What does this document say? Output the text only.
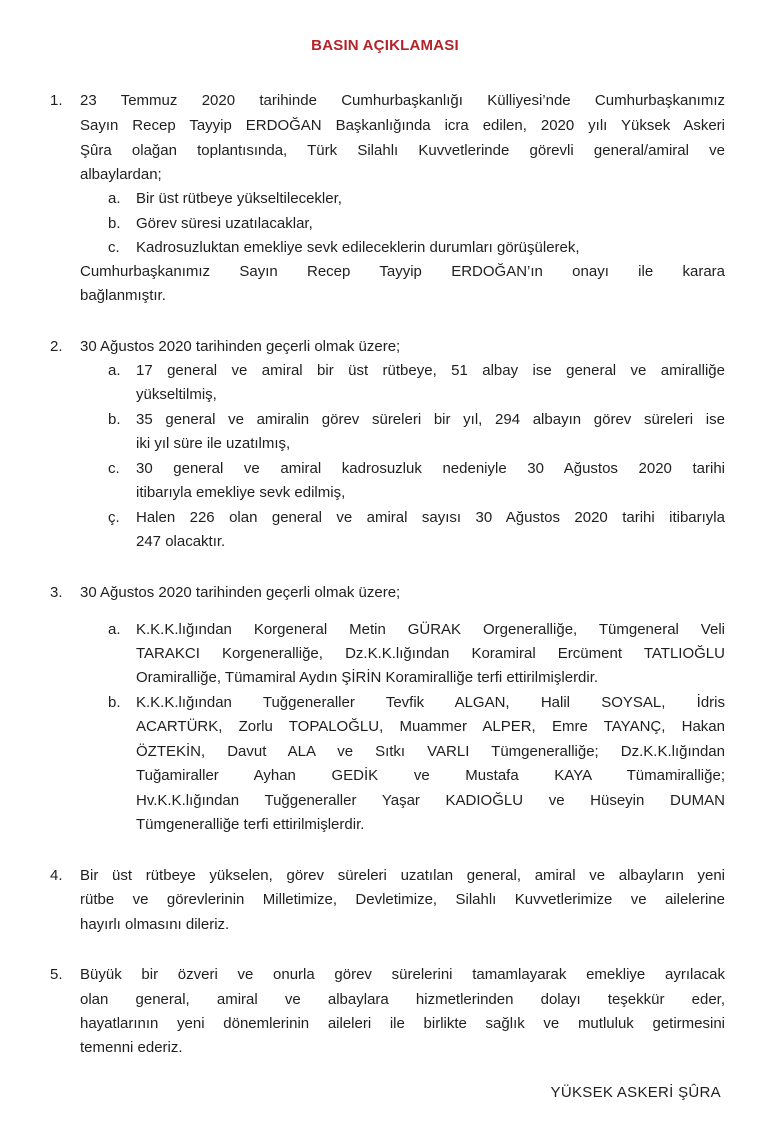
BASIN AÇIKLAMASI
1. 23 Temmuz 2020 tarihinde Cumhurbaşkanlığı Külliyesi’nde Cumhurbaşkanımız
Sayın Recep Tayyip ERDOĞAN Başkanlığında icra edilen, 2020 yılı Yüksek Askeri
Şûra olağan toplantısında, Türk Silahlı Kuvvetlerinde görevli general/amiral ve
albaylardan;
a. Bir üst rütbeye yükseltilecekler,
b. Görev süresi uzatılacaklar,
c. Kadrosuzluktan emekliye sevk edileceklerin durumları görüşülerek,
Cumhurbaşkanımız Sayın Recep Tayyip ERDOĞAN’ın onayı ile karara
bağlanmıştır.
2. 30 Ağustos 2020 tarihinden geçerli olmak üzere;
a. 17 general ve amiral bir üst rütbeye, 51 albay ise general ve amiralliğe
yükseltilmiş,
b. 35 general ve amiralin görev süreleri bir yıl, 294 albayın görev süreleri ise
iki yıl süre ile uzatılmış,
c. 30 general ve amiral kadrosuzluk nedeniyle 30 Ağustos 2020 tarihi
itibarıyla emekliye sevk edilmiş,
ç. Halen 226 olan general ve amiral sayısı 30 Ağustos 2020 tarihi itibarıyla
247 olacaktır.
3. 30 Ağustos 2020 tarihinden geçerli olmak üzere;
a. K.K.K.lığından Korgeneral Metin GÜRAK Orgeneralliğe, Tümgeneral Veli
TARAKCI Korgeneralliğe, Dz.K.K.lığından Koramiral Ercüment TATLIOĞLU
Oramiralliğe, Tümamiral Aydın ŞİRİN Koramiralliğe terfi ettirilmişlerdir.
b. K.K.K.lığından Tuğgeneraller Tevfik ALGAN, Halil SOYSAL, İdris
ACARTÜRK, Zorlu TOPALOĞLU, Muammer ALPER, Emre TAYANÇ, Hakan
ÖZTEKİN, Davut ALA ve Sıtkı VARLI Tümgeneralliğe; Dz.K.K.lığından
Tuğamiraller Ayhan GEDİK ve Mustafa KAYA Tümamiralliğe;
Hv.K.K.lığından Tuğgeneraller Yaşar KADIOĞLU ve Hüseyin DUMAN
Tümgeneralliğe terfi ettirilmişlerdir.
4. Bir üst rütbeye yükselen, görev süreleri uzatılan general, amiral ve albayların yeni
rütbe ve görevlerinin Milletimize, Devletimize, Silahlı Kuvvetlerimize ve ailelerine
hayırlı olmasını dileriz.
5. Büyük bir özveri ve onurla görev sürelerini tamamlayarak emekliye ayrılacak
olan general, amiral ve albaylara hizmetlerinden dolayı teşekkür eder,
hayatlarının yeni dönemlerinin aileleri ile birlikte sağlık ve mutluluk getirmesini
temenni ederiz.
YÜKSEK ASKERİ ŞÛRA
